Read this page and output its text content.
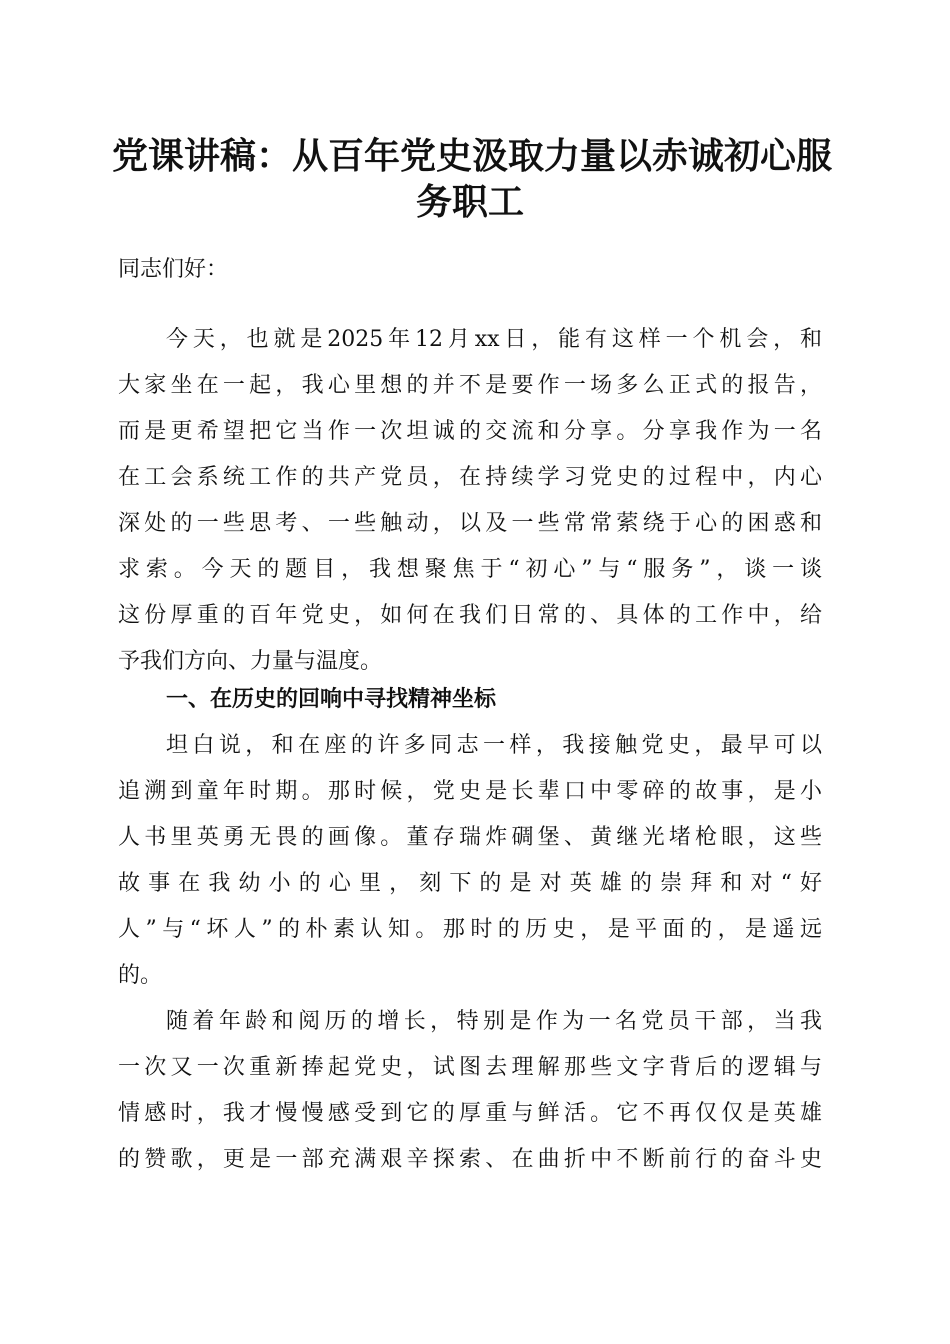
党课讲稿：从百年党史汲取力量以赤诚初心服
务职工
同志们好：
今天，也就是2025年12月xx日，能有这样一个机会，和
大家坐在一起，我心里想的并不是要作一场多么正式的报告，
而是更希望把它当作一次坦诚的交流和分享。分享我作为一名
在工会系统工作的共产党员，在持续学习党史的过程中，内心
深处的一些思考、一些触动，以及一些常常萦绕于心的困惑和
求索。今天的题目，我想聚焦于“初心”与“服务”，谈一谈
这份厚重的百年党史，如何在我们日常的、具体的工作中，给
予我们方向、力量与温度。
一、在历史的回响中寻找精神坐标
坦白说，和在座的许多同志一样，我接触党史，最早可以
追溯到童年时期。那时候，党史是长辈口中零碎的故事，是小
人书里英勇无畏的画像。董存瑞炸碉堡、黄继光堵枪眼，这些
故事在我幼小的心里，刻下的是对英雄的崇拜和对“好
人”与“坏人”的朴素认知。那时的历史，是平面的，是遥远
的。
随着年龄和阅历的增长，特别是作为一名党员干部，当我
一次又一次重新捧起党史，试图去理解那些文字背后的逻辑与
情感时，我才慢慢感受到它的厚重与鲜活。它不再仅仅是英雄
的赞歌，更是一部充满艰辛探索、在曲折中不断前行的奋斗史
